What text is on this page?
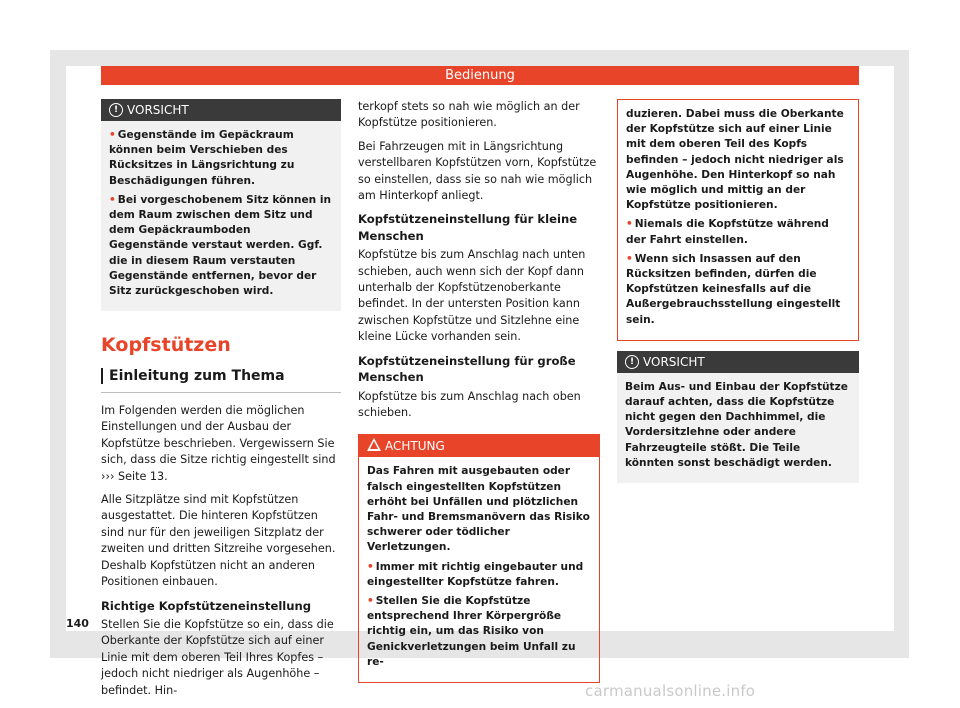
Bedienung
! VORSICHT

• Gegenstände im Gepäckraum können beim Verschieben des Rücksitzes in Längsrichtung zu Beschädigungen führen.

• Bei vorgeschobenem Sitz können in dem Raum zwischen dem Sitz und dem Gepäckraumboden Gegenstände verstaut werden. Ggf. die in diesem Raum verstauten Gegenstände entfernen, bevor der Sitz zurückgeschoben wird.

Kopfstützen
Einleitung zum Thema

Im Folgenden werden die möglichen Einstellungen und der Ausbau der Kopfstütze beschrieben. Vergewissern Sie sich, dass die Sitze richtig eingestellt sind ››› Seite 13.

Alle Sitzplätze sind mit Kopfstützen ausgestattet. Die hinteren Kopfstützen sind nur für den jeweiligen Sitzplatz der zweiten und dritten Sitzreihe vorgesehen. Deshalb Kopfstützen nicht an anderen Positionen einbauen.

Richtige Kopfstützeneinstellung

Stellen Sie die Kopfstütze so ein, dass die Oberkante der Kopfstütze sich auf einer Linie mit dem oberen Teil Ihres Kopfes – jedoch nicht niedriger als Augenhöhe – befindet. Hin-

terkopf stets so nah wie möglich an der Kopfstütze positionieren.

Bei Fahrzeugen mit in Längsrichtung verstellbaren Kopfstützen vorn, Kopfstütze so einstellen, dass sie so nah wie möglich am Hinterkopf anliegt.

Kopfstützeneinstellung für kleine Menschen

Kopfstütze bis zum Anschlag nach unten schieben, auch wenn sich der Kopf dann unterhalb der Kopfstützenoberkante befindet. In der untersten Position kann zwischen Kopfstütze und Sitzlehne eine kleine Lücke vorhanden sein.

Kopfstützeneinstellung für große Menschen

Kopfstütze bis zum Anschlag nach oben schieben.

ACHTUNG

Das Fahren mit ausgebauten oder falsch eingestellten Kopfstützen erhöht bei Unfällen und plötzlichen Fahr- und Bremsmanövern das Risiko schwerer oder tödlicher Verletzungen.

• Immer mit richtig eingebauter und eingestellter Kopfstütze fahren.

• Stellen Sie die Kopfstütze entsprechend Ihrer Körpergröße richtig ein, um das Risiko von Genickverletzungen beim Unfall zu re-

duzieren. Dabei muss die Oberkante der Kopfstütze sich auf einer Linie mit dem oberen Teil des Kopfs befinden – jedoch nicht niedriger als Augenhöhe. Den Hinterkopf so nah wie möglich und mittig an der Kopfstütze positionieren.

• Niemals die Kopfstütze während der Fahrt einstellen.

• Wenn sich Insassen auf den Rücksitzen befinden, dürfen die Kopfstützen keinesfalls auf die Außergebrauchsstellung eingestellt sein.

! VORSICHT

Beim Aus- und Einbau der Kopfstütze darauf achten, dass die Kopfstütze nicht gegen den Dachhimmel, die Vordersitzlehne oder andere Fahrzeugteile stößt. Die Teile könnten sonst beschädigt werden.

140
carmanualsonline.info
